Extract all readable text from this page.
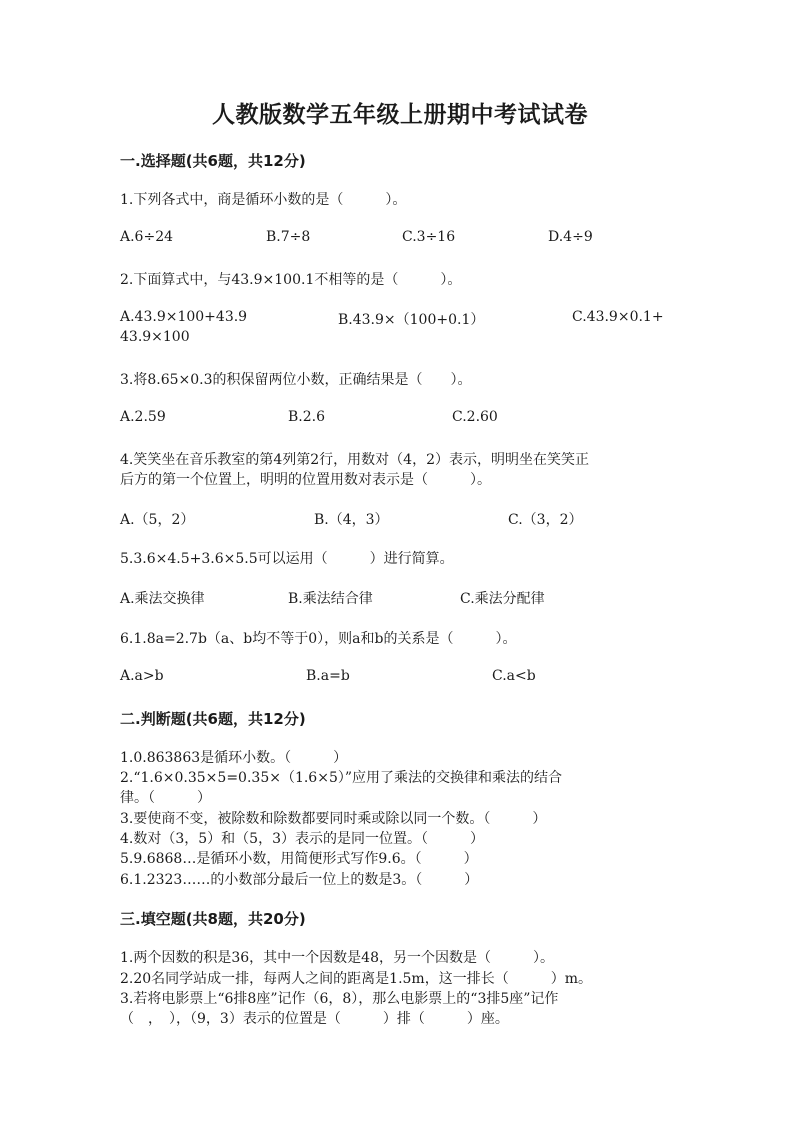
人教版数学五年级上册期中考试试卷
一.选择题(共6题，共12分)
1.下列各式中，商是循环小数的是（　　　）。
A.6÷24	B.7÷8	C.3÷16	D.4÷9
2.下面算式中，与43.9×100.1不相等的是（　　　）。
A.43.9×100+43.9	B.43.9×（100+0.1）	C.43.9×0.1+
43.9×100
3.将8.65×0.3的积保留两位小数，正确结果是（　　）。
A.2.59	B.2.6	C.2.60
4.笑笑坐在音乐教室的第4列第2行，用数对（4，2）表示，明明坐在笑笑正
后方的第一个位置上，明明的位置用数对表示是（　　　）。
A.（5，2）	B.（4，3）	C.（3，2）
5.3.6×4.5+3.6×5.5可以运用（　　　）进行简算。
A.乘法交换律	B.乘法结合律	C.乘法分配律
6.1.8a=2.7b（a、b均不等于0），则a和b的关系是（　　　）。
A.a>b	B.a=b	C.a<b
二.判断题(共6题，共12分)
1.0.863863是循环小数。（　　　）
2.“1.6×0.35×5=0.35×（1.6×5）”应用了乘法的交换律和乘法的结合
律。（　　　）
3.要使商不变，被除数和除数都要同时乘或除以同一个数。（　　　）
4.数对（3，5）和（5，3）表示的是同一位置。（　　　）
5.9.6868…是循环小数，用简便形式写作9.6。（　　　）
6.1.2323……的小数部分最后一位上的数是3。（　　　）
三.填空题(共8题，共20分)
1.两个因数的积是36，其中一个因数是48，另一个因数是（　　　）。
2.20名同学站成一排，每两人之间的距离是1.5m，这一排长（　　　）m。
3.若将电影票上“6排8座”记作（6，8），那么电影票上的“3排5座”记作
（　，　），（9，3）表示的位置是（　　　）排（　　　）座。
